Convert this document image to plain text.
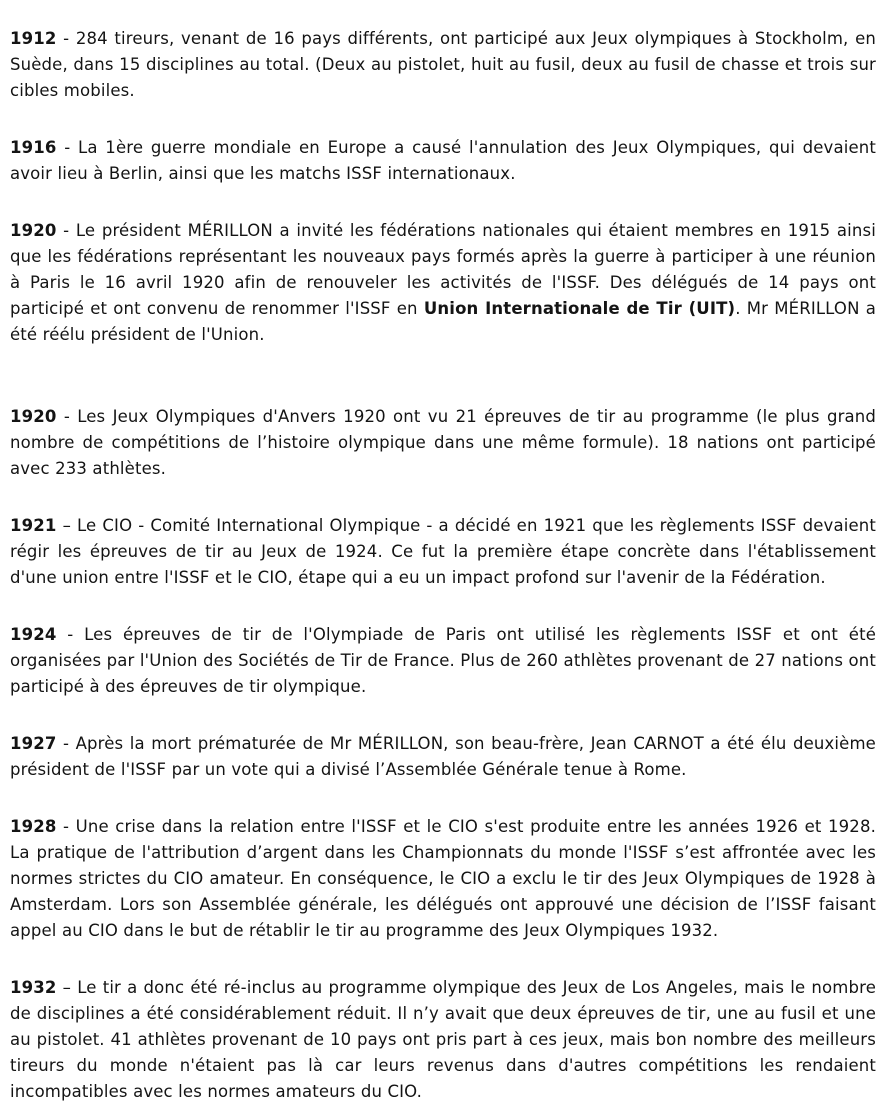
1912 - 284 tireurs, venant de 16 pays différents, ont participé aux Jeux olympiques à Stockholm, en Suède, dans 15 disciplines au total. (Deux au pistolet, huit au fusil, deux au fusil de chasse et trois sur cibles mobiles.

1916 - La 1ère guerre mondiale en Europe a causé l'annulation des Jeux Olympiques, qui devaient avoir lieu à Berlin, ainsi que les matchs ISSF internationaux.

1920 - Le président MÉRILLON a invité les fédérations nationales qui étaient membres en 1915 ainsi que les fédérations représentant les nouveaux pays formés après la guerre à participer à une réunion à Paris le 16 avril 1920 afin de renouveler les activités de l'ISSF. Des délégués de 14 pays ont participé et ont convenu de renommer l'ISSF en Union Internationale de Tir (UIT). Mr MÉRILLON a été réélu président de l'Union.

1920 - Les Jeux Olympiques d'Anvers 1920 ont vu 21 épreuves de tir au programme (le plus grand nombre de compétitions de l’histoire olympique dans une même formule). 18 nations ont participé avec 233 athlètes.

1921 – Le CIO - Comité International Olympique - a décidé en 1921 que les règlements ISSF devaient régir les épreuves de tir au Jeux de 1924. Ce fut la première étape concrète dans l'établissement d'une union entre l'ISSF et le CIO, étape qui a eu un impact profond sur l'avenir de la Fédération.

1924 - Les épreuves de tir de l'Olympiade de Paris ont utilisé les règlements ISSF et ont été organisées par l'Union des Sociétés de Tir de France. Plus de 260 athlètes provenant de 27 nations ont participé à des épreuves de tir olympique.

1927 - Après la mort prématurée de Mr MÉRILLON, son beau-frère, Jean CARNOT a été élu deuxième président de l'ISSF par un vote qui a divisé l’Assemblée Générale tenue à Rome.

1928 - Une crise dans la relation entre l'ISSF et le CIO s'est produite entre les années 1926 et 1928. La pratique de l'attribution d’argent dans les Championnats du monde l'ISSF s’est affrontée avec les normes strictes du CIO amateur. En conséquence, le CIO a exclu le tir des Jeux Olympiques de 1928 à Amsterdam. Lors son Assemblée générale, les délégués ont approuvé une décision de l’ISSF faisant appel au CIO dans le but de rétablir le tir au programme des Jeux Olympiques 1932.

1932 – Le tir a donc été ré-inclus au programme olympique des Jeux de Los Angeles, mais le nombre de disciplines a été considérablement réduit. Il n’y avait que deux épreuves de tir, une au fusil et une au pistolet. 41 athlètes provenant de 10 pays ont pris part à ces jeux, mais bon nombre des meilleurs tireurs du monde n'étaient pas là car leurs revenus dans d'autres compétitions les rendaient incompatibles avec les normes amateurs du CIO.
